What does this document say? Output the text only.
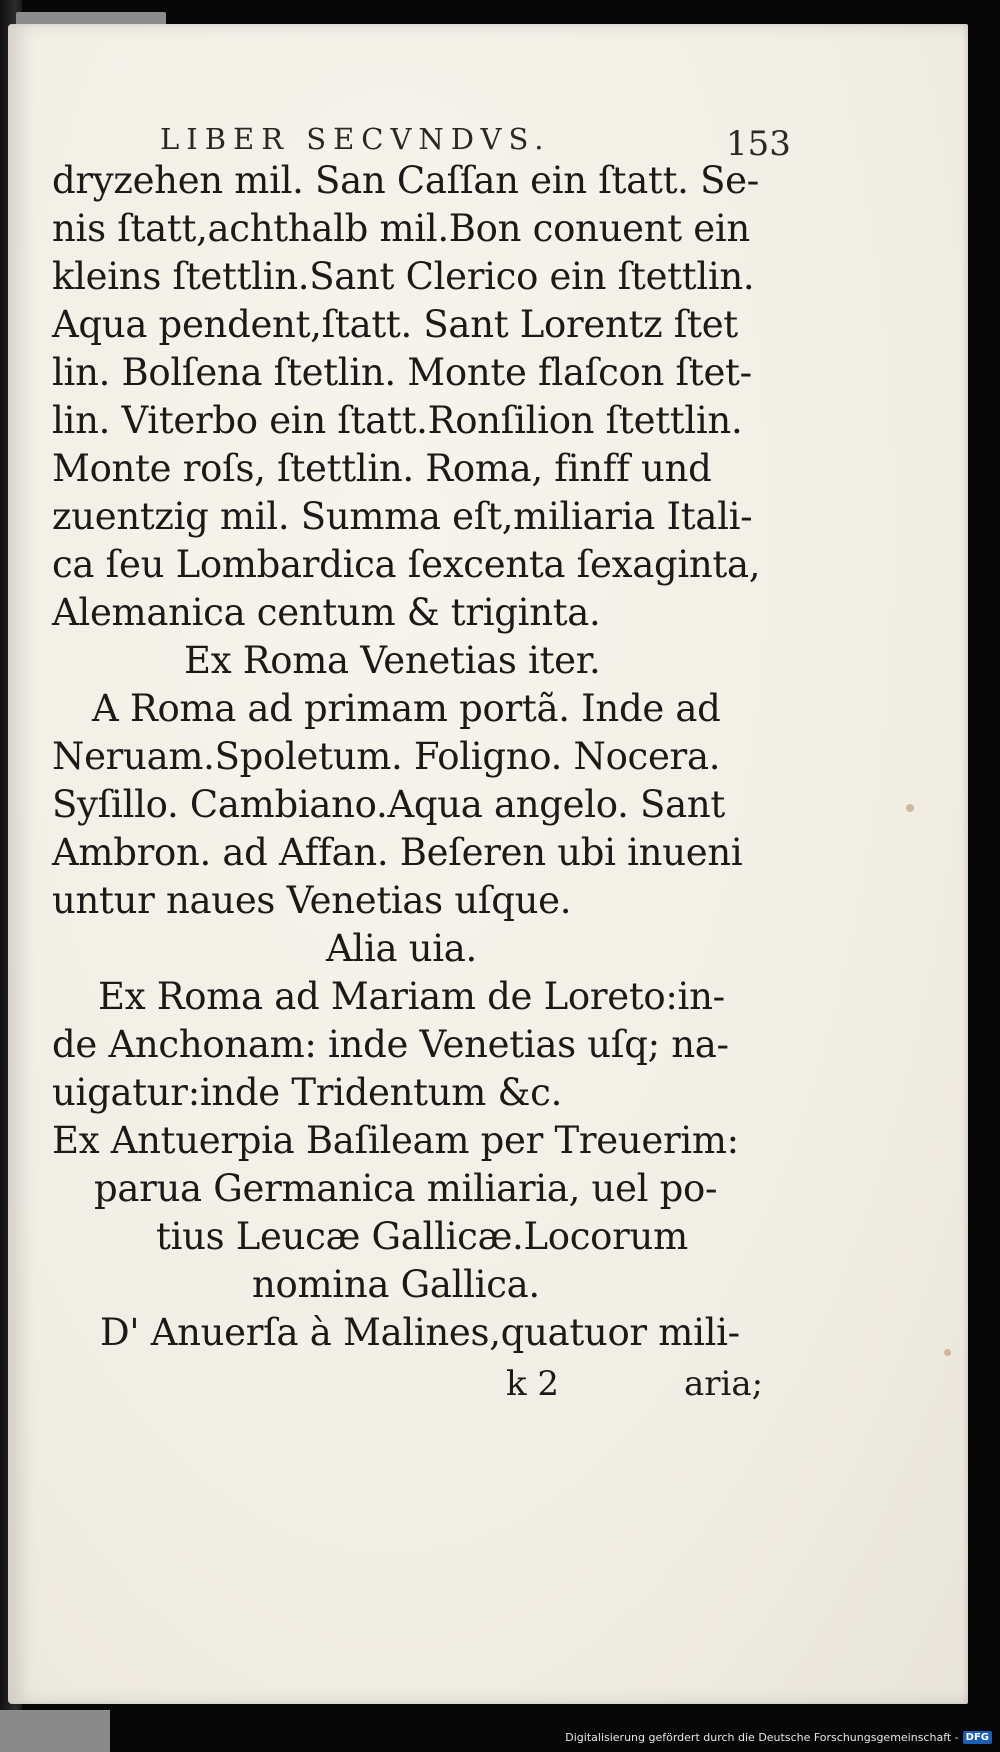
LIBER SECVNDVS.	153
dryzehen mil. San Caſſan ein ſtatt. Se-
nis ſtatt,achthalb mil.Bon conuent ein
kleins ſtettlin.Sant Clerico ein ſtettlin.
Aqua pendent,ſtatt. Sant Lorentz ſtet
lin. Bolſena ſtetlin. Monte flaſcon ſtet-
lin. Viterbo ein ſtatt.Ronſilion ſtettlin.
Monte roſs, ſtettlin. Roma, finff und
zuentzig mil. Summa eſt,miliaria Itali-
ca ſeu Lombardica ſexcenta ſexaginta,
Alemanica centum & triginta.
Ex Roma Venetias iter.
A Roma ad primam portã. Inde ad
Neruam.Spoletum. Foligno. Nocera.
Syſillo. Cambiano.Aqua angelo. Sant
Ambron. ad Affan. Beſeren ubi inueni
untur naues Venetias uſque.
Alia uia.
Ex Roma ad Mariam de Loreto:in-
de Anchonam: inde Venetias uſq; na-
uigatur:inde Tridentum &c.
Ex Antuerpia Baſileam per Treuerim:
parua Germanica miliaria, uel po-
tius Leucæ Gallicæ.Locorum
nomina Gallica.
D' Anuerſa à Malines,quatuor mili-
k 2	aria;
Digitalisierung gefördert durch die Deutsche Forschungsgemeinschaft - DFG
